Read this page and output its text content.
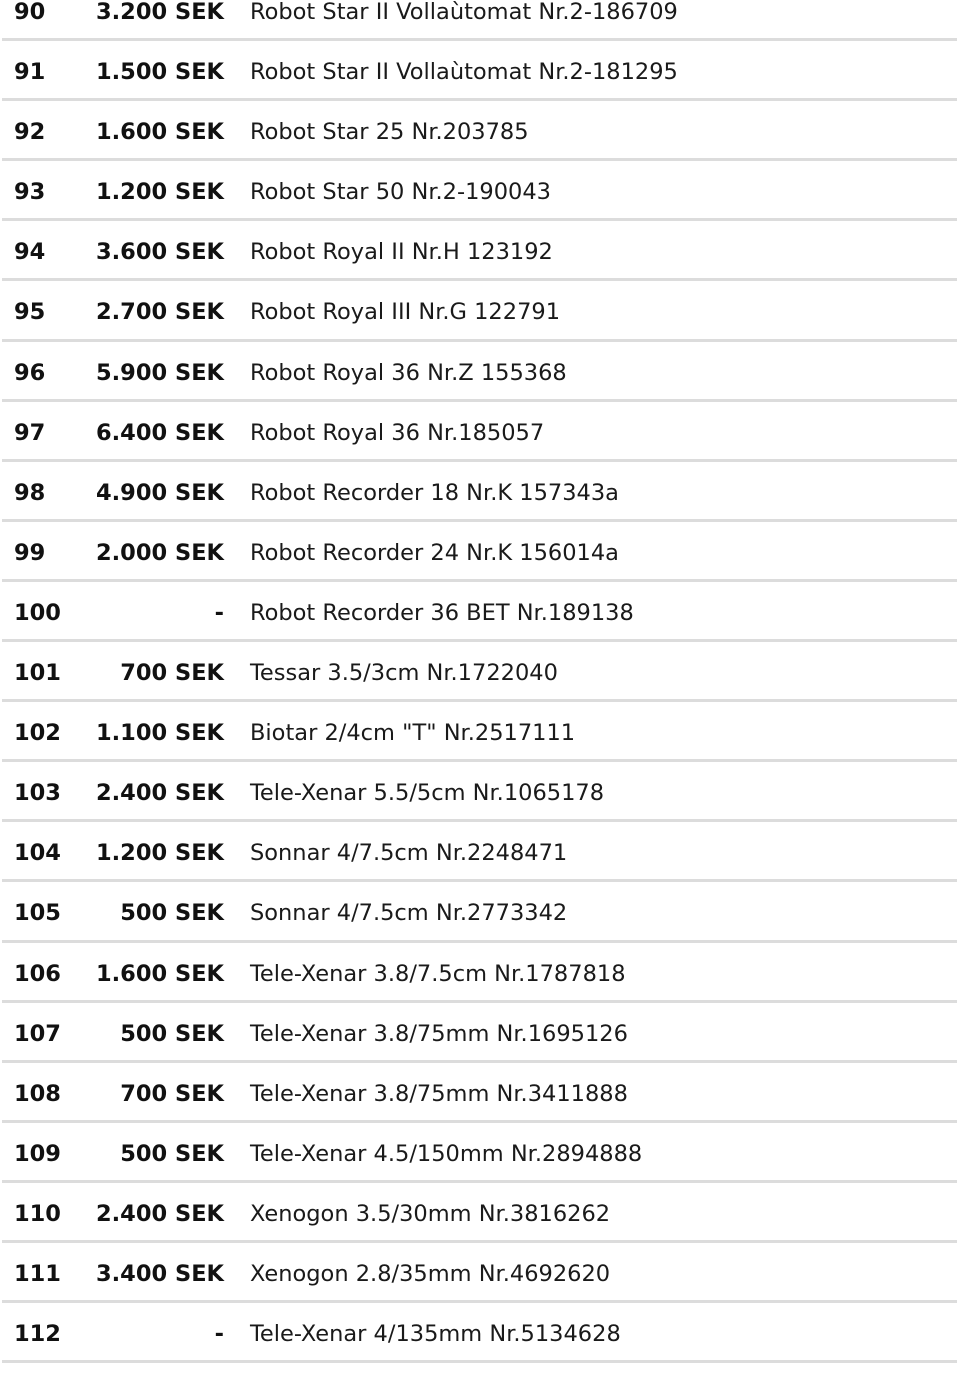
90 3.200 SEK Robot Star II Vollaùtomat Nr.2-186709
91 1.500 SEK Robot Star II Vollaùtomat Nr.2-181295
92 1.600 SEK Robot Star 25 Nr.203785
93 1.200 SEK Robot Star 50 Nr.2-190043
94 3.600 SEK Robot Royal II Nr.H 123192
95 2.700 SEK Robot Royal III Nr.G 122791
96 5.900 SEK Robot Royal 36 Nr.Z 155368
97 6.400 SEK Robot Royal 36 Nr.185057
98 4.900 SEK Robot Recorder 18 Nr.K 157343a
99 2.000 SEK Robot Recorder 24 Nr.K 156014a
100	- Robot Recorder 36 BET Nr.189138
101	700 SEK Tessar 3.5/3cm Nr.1722040
102 1.100 SEK Biotar 2/4cm "T" Nr.2517111
103 2.400 SEK Tele-Xenar 5.5/5cm Nr.1065178
104 1.200 SEK Sonnar 4/7.5cm Nr.2248471
105	500 SEK Sonnar 4/7.5cm Nr.2773342
106 1.600 SEK Tele-Xenar 3.8/7.5cm Nr.1787818
107	500 SEK Tele-Xenar 3.8/75mm Nr.1695126
108	700 SEK Tele-Xenar 3.8/75mm Nr.3411888
109	500 SEK Tele-Xenar 4.5/150mm Nr.2894888
110 2.400 SEK Xenogon 3.5/30mm Nr.3816262
111 3.400 SEK Xenogon 2.8/35mm Nr.4692620
112	- Tele-Xenar 4/135mm Nr.5134628
